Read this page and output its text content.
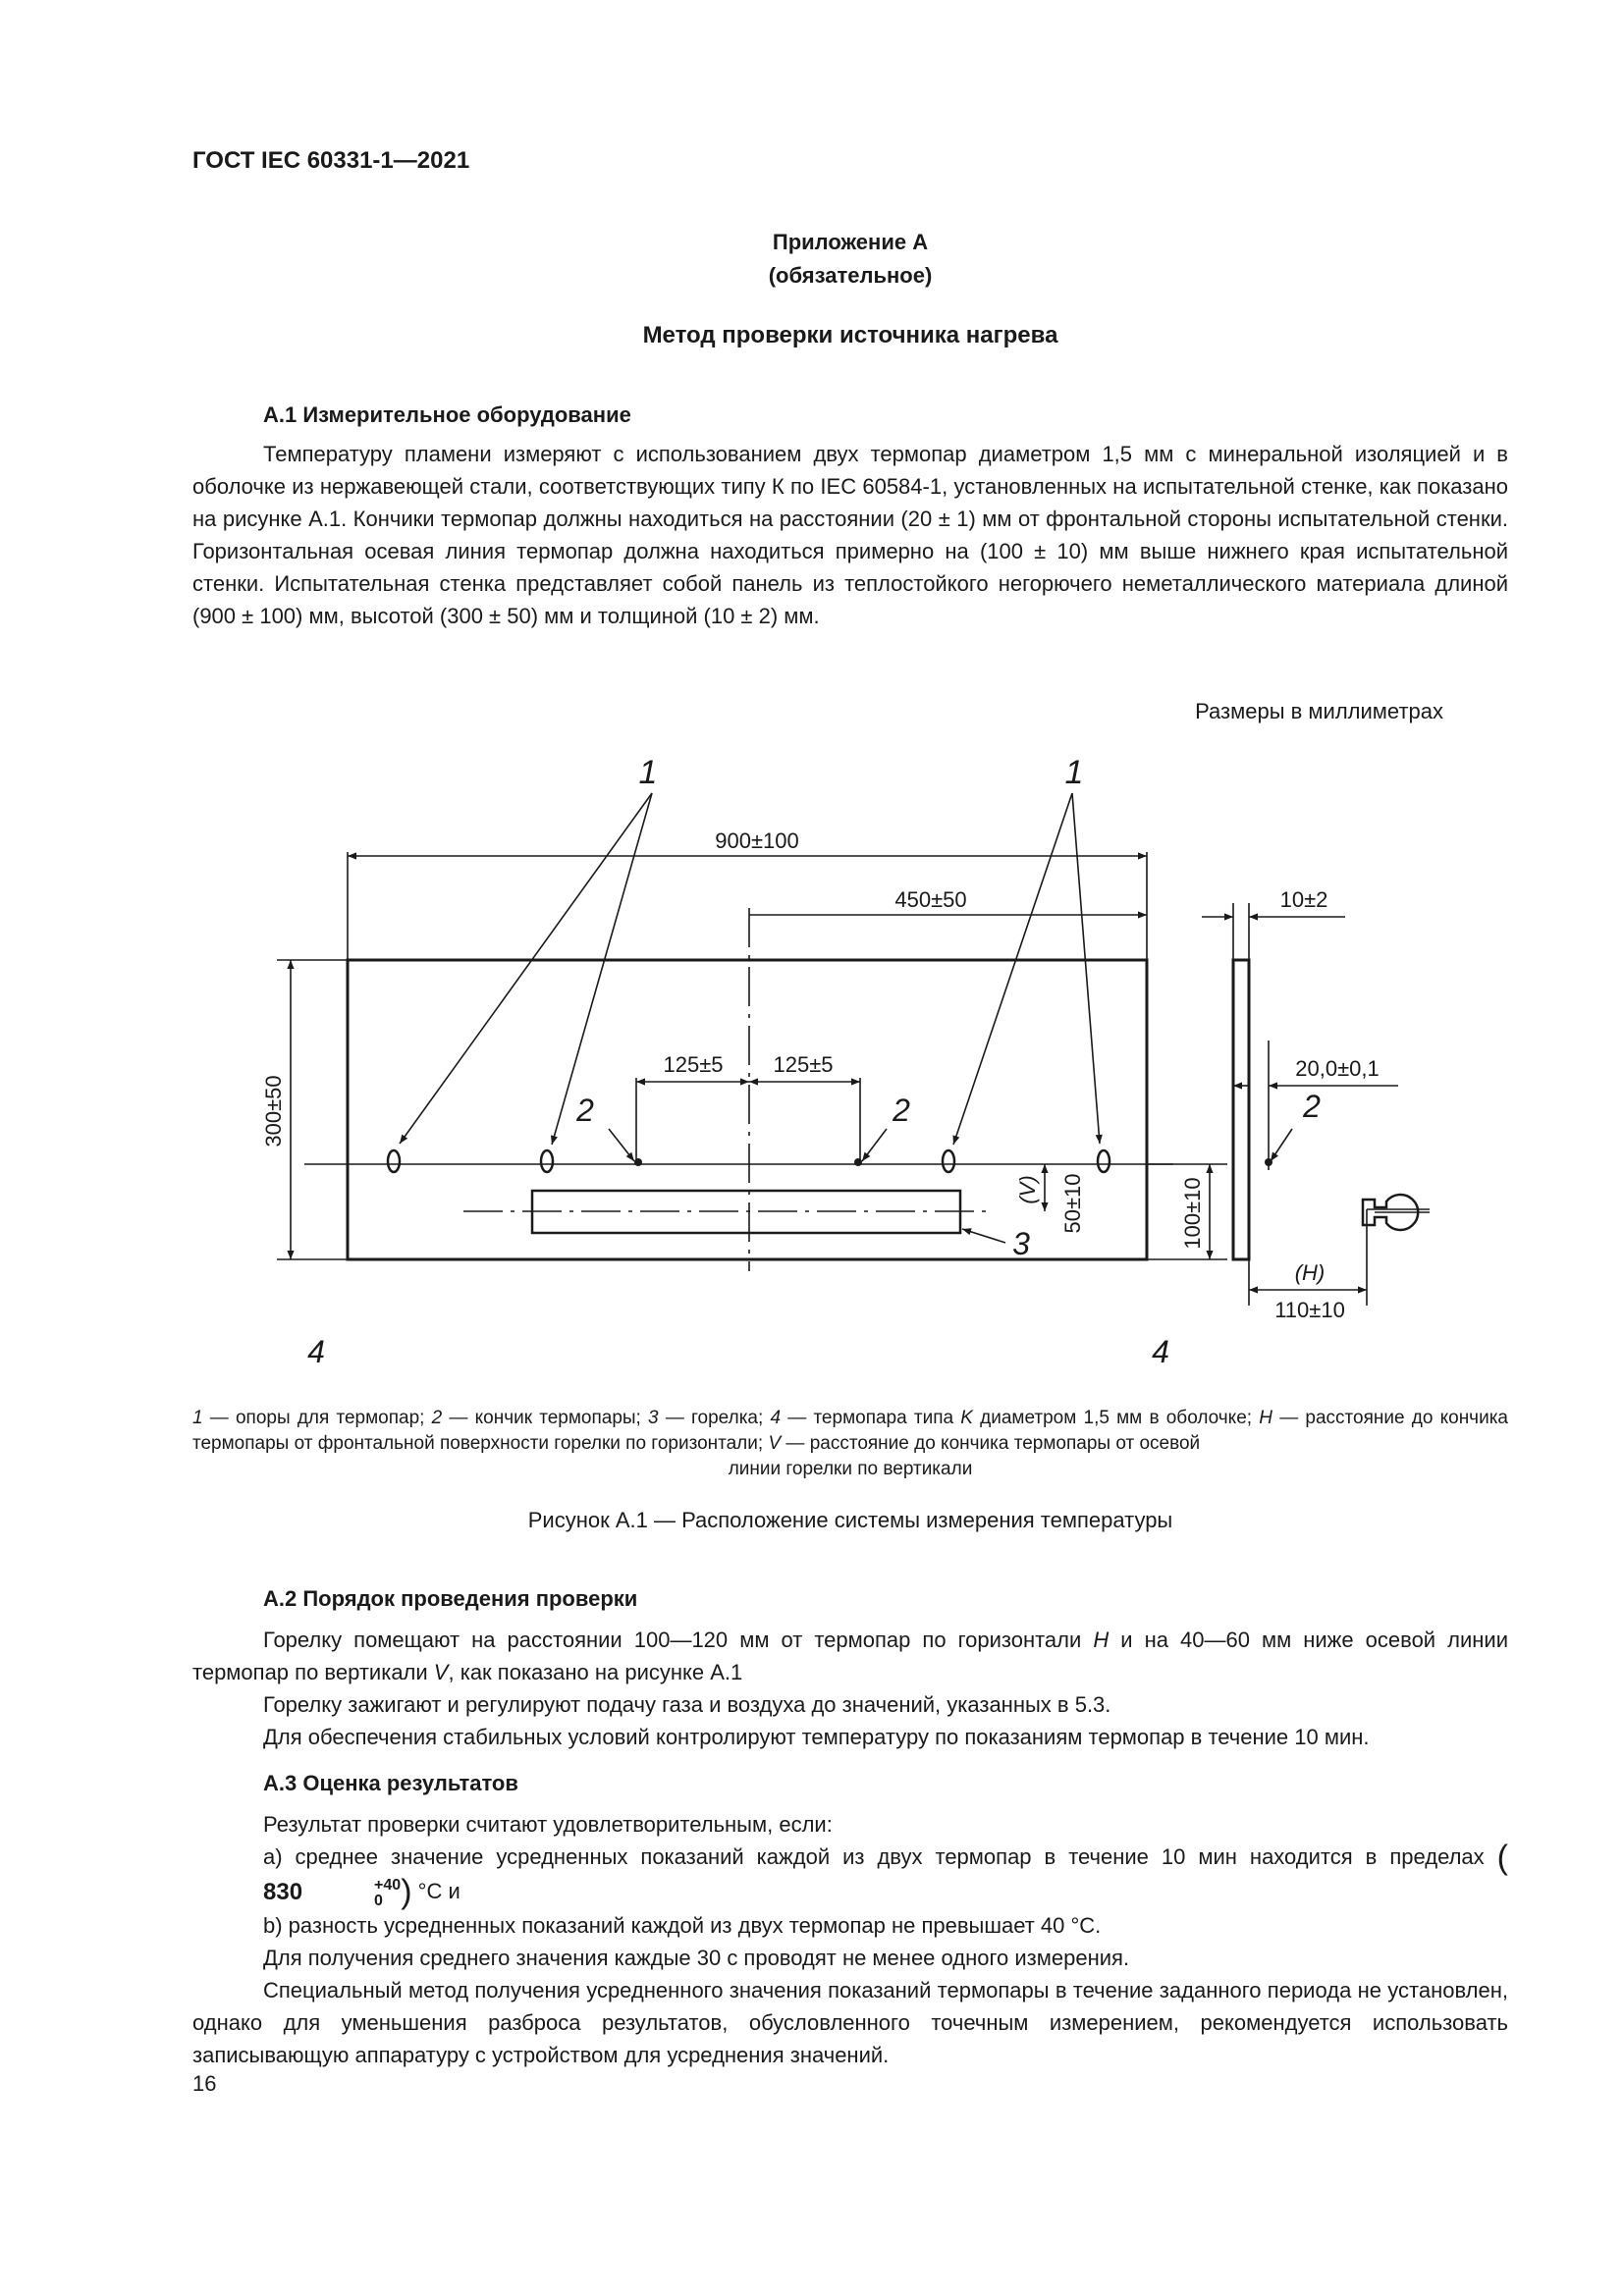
ГОСТ IEC 60331-1—2021
Приложение А
(обязательное)
Метод проверки источника нагрева
А.1 Измерительное оборудование

Температуру пламени измеряют с использованием двух термопар диаметром 1,5 мм с минеральной изоляцией и в оболочке из нержавеющей стали, соответствующих типу К по IEC 60584-1, установленных на испытательной стенке, как показано на рисунке А.1. Кончики термопар должны находиться на расстоянии (20 ± 1) мм от фронтальной стороны испытательной стенки. Горизонтальная осевая линия термопар должна находиться примерно на (100 ± 10) мм выше нижнего края испытательной стенки. Испытательная стенка представляет собой панель из теплостойкого негорючего неметаллического материала длиной (900 ± 100) мм, высотой (300 ± 50) мм и толщиной (10 ± 2) мм.

Размеры в миллиметрах
900±100
450±50
125±5 125±5
300±50
10±2
20,0±0,1
(V) 50±10	100±10
(H)
110±10
1	1
2	2	2
3
4	4
1 — опоры для термопар; 2 — кончик термопары; 3 — горелка; 4 — термопара типа K диаметром 1,5 мм в оболочке; H — расстояние до кончика термопары от фронтальной поверхности горелки по горизонтали; V — расстояние до кончика термопары от осевой
линии горелки по вертикали
Рисунок А.1 — Расположение системы измерения температуры
А.2 Порядок проведения проверки

Горелку помещают на расстоянии 100—120 мм от термопар по горизонтали H и на 40—60 мм ниже осевой линии термопар по вертикали V, как показано на рисунке А.1

Горелку зажигают и регулируют подачу газа и воздуха до значений, указанных в 5.3.

Для обеспечения стабильных условий контролируют температуру по показаниям термопар в течение 10 мин.

А.3 Оценка результатов

Результат проверки считают удовлетворительным, если:

а) среднее значение усредненных показаний каждой из двух термопар в течение 10 мин находится в пределах (830	+40
0 ) °С и

b) разность усредненных показаний каждой из двух термопар не превышает 40 °С.

Для получения среднего значения каждые 30 с проводят не менее одного измерения.

Специальный метод получения усредненного значения показаний термопары в течение заданного периода не установлен, однако для уменьшения разброса результатов, обусловленного точечным измерением, рекомендуется использовать записывающую аппаратуру с устройством для усреднения значений.

16
